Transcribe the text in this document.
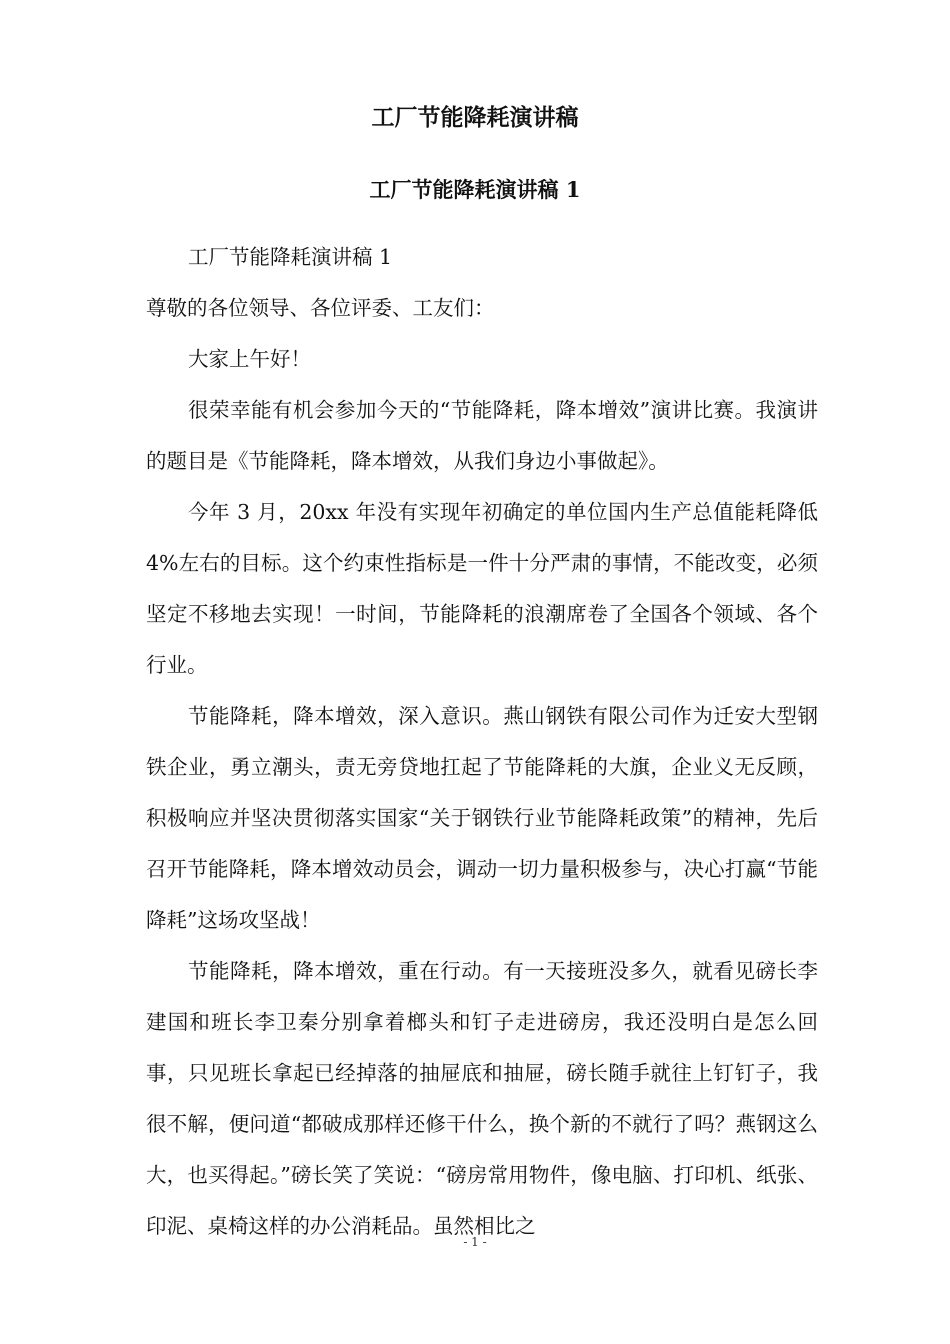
工厂节能降耗演讲稿
工厂节能降耗演讲稿 1

工厂节能降耗演讲稿 1

尊敬的各位领导、各位评委、工友们：

大家上午好！

很荣幸能有机会参加今天的“节能降耗，降本增效”演讲比赛。我演讲的题目是《节能降耗，降本增效，从我们身边小事做起》。

今年 3 月，20xx 年没有实现年初确定的单位国内生产总值能耗降低 4%左右的目标。这个约束性指标是一件十分严肃的事情，不能改变，必须坚定不移地去实现！一时间，节能降耗的浪潮席卷了全国各个领域、各个行业。

节能降耗，降本增效，深入意识。燕山钢铁有限公司作为迁安大型钢铁企业，勇立潮头，责无旁贷地扛起了节能降耗的大旗，企业义无反顾，积极响应并坚决贯彻落实国家“关于钢铁行业节能降耗政策”的精神，先后召开节能降耗，降本增效动员会，调动一切力量积极参与，决心打赢“节能降耗”这场攻坚战！

节能降耗，降本增效，重在行动。有一天接班没多久，就看见磅长李建国和班长李卫秦分别拿着榔头和钉子走进磅房，我还没明白是怎么回事，只见班长拿起已经掉落的抽屉底和抽屉，磅长随手就往上钉钉子，我很不解，便问道“都破成那样还修干什么，换个新的不就行了吗？燕钢这么大，也买得起。”磅长笑了笑说：“磅房常用物件，像电脑、打印机、纸张、印泥、桌椅这样的办公消耗品。虽然相比之

- 1 -
